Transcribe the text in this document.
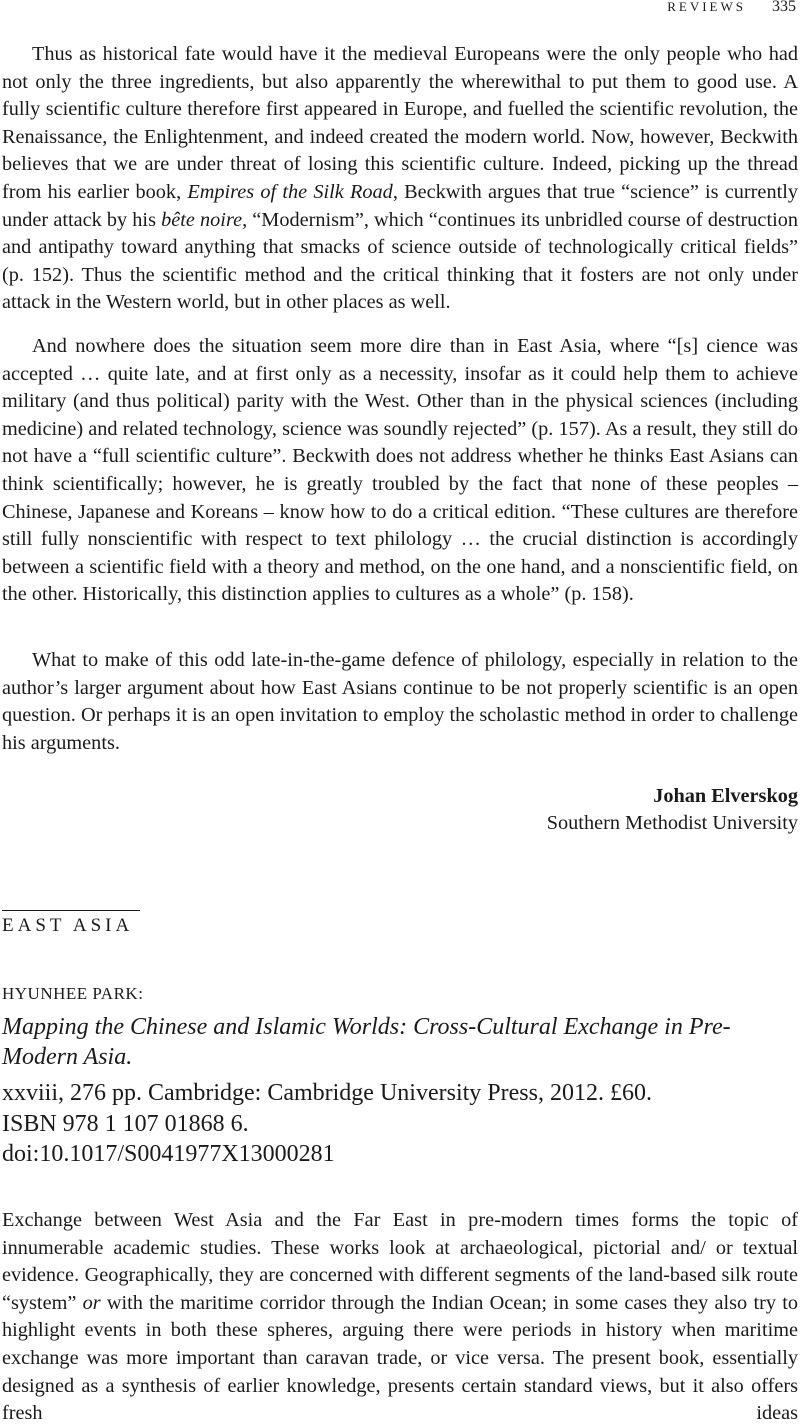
REVIEWS 335

Thus as historical fate would have it the medieval Europeans were the only people who had not only the three ingredients, but also apparently the wherewithal to put them to good use. A fully scientific culture therefore first appeared in Europe, and fuelled the scientific revolution, the Renaissance, the Enlightenment, and indeed created the modern world. Now, however, Beckwith believes that we are under threat of losing this scientific culture. Indeed, picking up the thread from his earlier book, Empires of the Silk Road, Beckwith argues that true “science” is currently under attack by his bête noire, “Modernism”, which “continues its unbridled course of destruction and antipathy toward anything that smacks of science outside of technologically critical fields” (p. 152). Thus the scientific method and the critical thinking that it fosters are not only under attack in the Western world, but in other places as well.

And nowhere does the situation seem more dire than in East Asia, where “[s] cience was accepted … quite late, and at first only as a necessity, insofar as it could help them to achieve military (and thus political) parity with the West. Other than in the physical sciences (including medicine) and related technology, science was soundly rejected” (p. 157). As a result, they still do not have a “full scientific culture”. Beckwith does not address whether he thinks East Asians can think scientifically; however, he is greatly troubled by the fact that none of these peoples – Chinese, Japanese and Koreans – know how to do a critical edition. “These cultures are therefore still fully nonscientific with respect to text philology … the crucial distinction is accordingly between a scientific field with a theory and method, on the one hand, and a nonscientific field, on the other. Historically, this distinction applies to cultures as a whole” (p. 158).

What to make of this odd late-in-the-game defence of philology, especially in relation to the author’s larger argument about how East Asians continue to be not properly scientific is an open question. Or perhaps it is an open invitation to employ the scholastic method in order to challenge his arguments.

Johan Elverskog
Southern Methodist University
EAST ASIA
HYUNHEE PARK:
Mapping the Chinese and Islamic Worlds: Cross-Cultural Exchange in Pre-Modern Asia.
xxviii, 276 pp. Cambridge: Cambridge University Press, 2012. £60.
ISBN 978 1 107 01868 6.
doi:10.1017/S0041977X13000281

Exchange between West Asia and the Far East in pre-modern times forms the topic of innumerable academic studies. These works look at archaeological, pictorial and/ or textual evidence. Geographically, they are concerned with different segments of the land-based silk route “system” or with the maritime corridor through the Indian Ocean; in some cases they also try to highlight events in both these spheres, arguing there were periods in history when maritime exchange was more important than caravan trade, or vice versa. The present book, essentially designed as a synthesis of earlier knowledge, presents certain standard views, but it also offers fresh ideas
